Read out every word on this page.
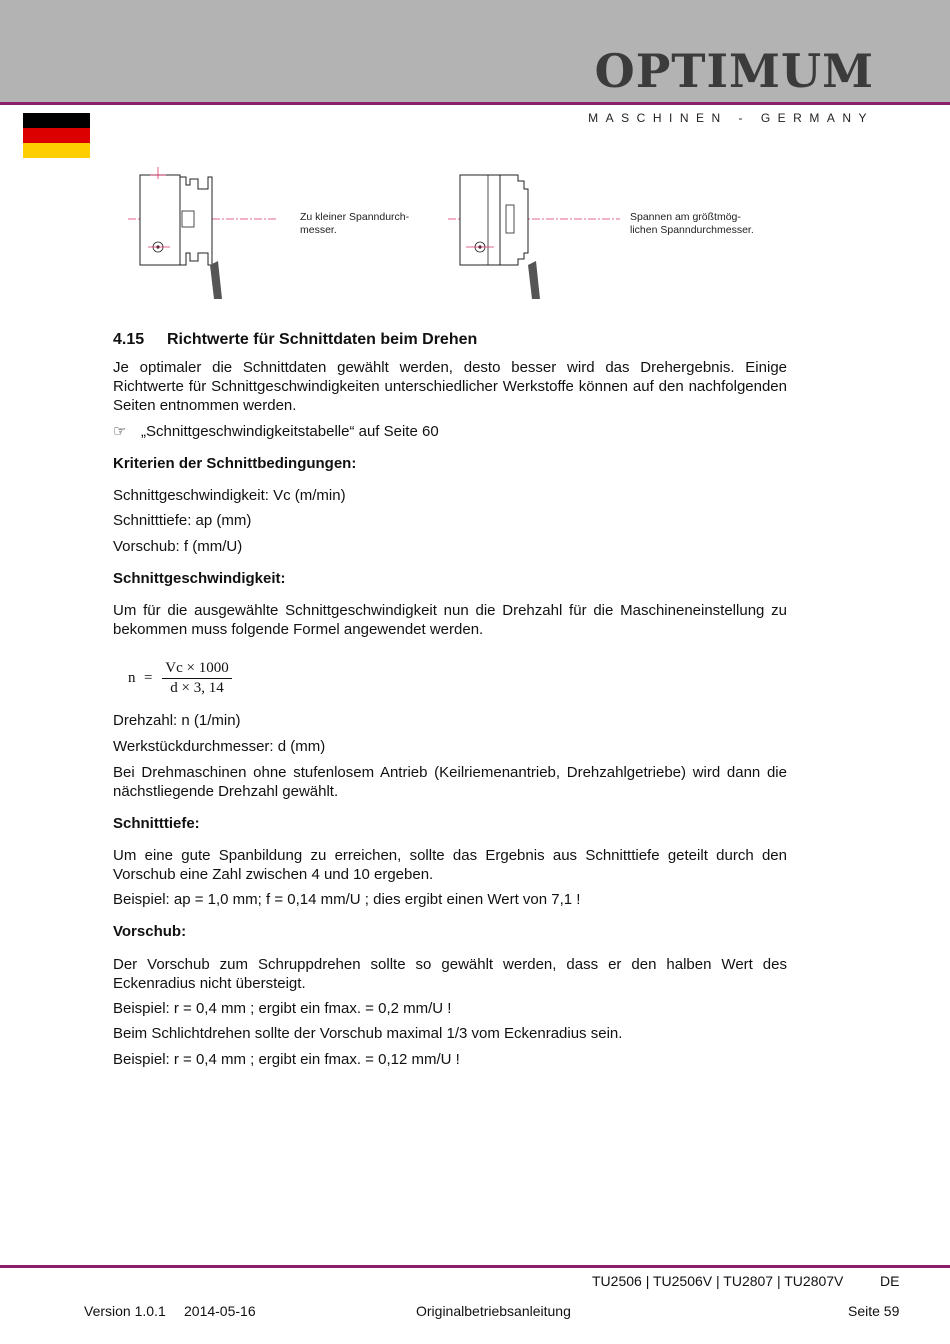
OPTIMUM
MASCHINEN - GERMANY
Zu kleiner Spanndurch-
messer.
Spannen am größtmög-
lichen Spanndurchmesser.
4.15 Richtwerte für Schnittdaten beim Drehen
Je optimaler die Schnittdaten gewählt werden, desto besser wird das Drehergebnis. Einige Richtwerte für Schnittgeschwindigkeiten unterschiedlicher Werkstoffe können auf den nachfolgenden Seiten entnommen werden.
☞ „Schnittgeschwindigkeitstabelle“ auf Seite 60
Kriterien der Schnittbedingungen:
Schnittgeschwindigkeit: Vc (m/min)
Schnitttiefe: ap (mm)
Vorschub: f (mm/U)
Schnittgeschwindigkeit:
Um für die ausgewählte Schnittgeschwindigkeit nun die Drehzahl für die Maschineneinstellung zu bekommen muss folgende Formel angewendet werden.
$n = \frac{Vc \times 1000}{d \times 3, 14}$
Drehzahl: n (1/min)
Werkstückdurchmesser: d (mm)
Bei Drehmaschinen ohne stufenlosem Antrieb (Keilriemenantrieb, Drehzahlgetriebe) wird dann die nächstliegende Drehzahl gewählt.
Schnitttiefe:
Um eine gute Spanbildung zu erreichen, sollte das Ergebnis aus Schnitttiefe geteilt durch den Vorschub eine Zahl zwischen 4 und 10 ergeben.
Beispiel: ap = 1,0 mm; f = 0,14 mm/U ; dies ergibt einen Wert von 7,1 !
Vorschub:
Der Vorschub zum Schruppdrehen sollte so gewählt werden, dass er den halben Wert des Eckenradius nicht übersteigt.
Beispiel: r = 0,4 mm ; ergibt ein fmax. = 0,2 mm/U !
Beim Schlichtdrehen sollte der Vorschub maximal 1/3 vom Eckenradius sein.
Beispiel: r = 0,4 mm ; ergibt ein fmax. = 0,12 mm/U !
TU2506 | TU2506V | TU2807 | TU2807V	DE
Version 1.0.1 2014-05-16	Originalbetriebsanleitung	Seite 59
